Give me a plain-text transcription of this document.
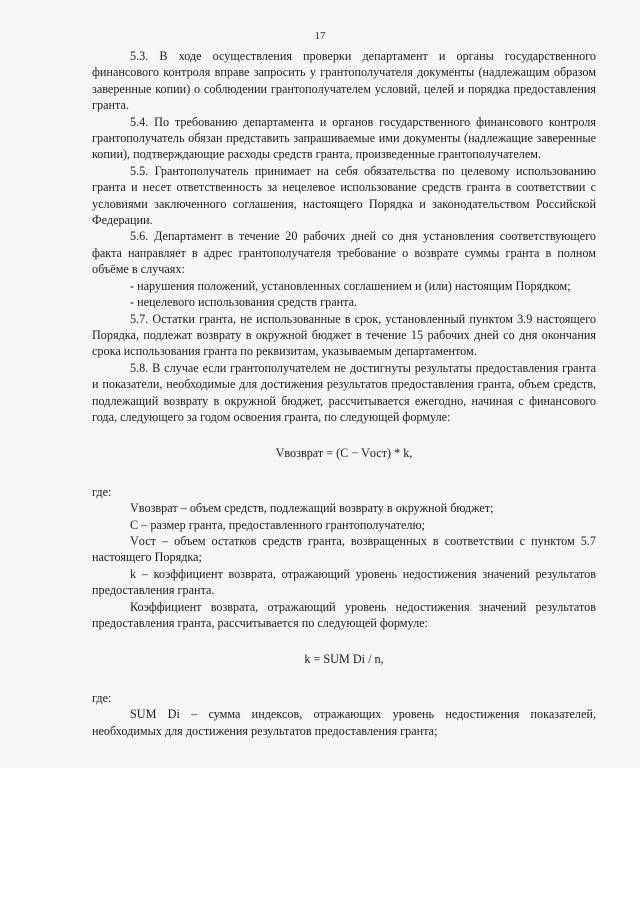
17

5.3. В ходе осуществления проверки департамент и органы государственного финансового контроля вправе запросить у грантополучателя документы (надлежащим образом заверенные копии) о соблюдении грантополучателем условий, целей и порядка предоставления гранта.

5.4. По требованию департамента и органов государственного финансового контроля грантополучатель обязан представить запрашиваемые ими документы (надлежащие заверенные копии), подтверждающие расходы средств гранта, произведенные грантополучателем.

5.5. Грантополучатель принимает на себя обязательства по целевому использованию гранта и несет ответственность за нецелевое использование средств гранта в соответствии с условиями заключенного соглашения, настоящего Порядка и законодательством Российской Федерации.

5.6. Департамент в течение 20 рабочих дней со дня установления соответствующего факта направляет в адрес грантополучателя требование о возврате суммы гранта в полном объёме в случаях:

- нарушения положений, установленных соглашением и (или) настоящим Порядком;

- нецелевого использования средств гранта.

5.7. Остатки гранта, не использованные в срок, установленный пунктом 3.9 настоящего Порядка, подлежат возврату в окружной бюджет в течение 15 рабочих дней со дня окончания срока использования гранта по реквизитам, указываемым департаментом.

5.8. В случае если грантополучателем не достигнуты результаты предоставления гранта и показатели, необходимые для достижения результатов предоставления гранта, объем средств, подлежащий возврату в окружной бюджет, рассчитывается ежегодно, начиная с финансового года, следующего за годом освоения гранта, по следующей формуле:

Vвозврат = (C − Vост) * k,

где:

Vвозврат – объем средств, подлежащий возврату в окружной бюджет;

C – размер гранта, предоставленного грантополучателю;

Vост – объем остатков средств гранта, возвращенных в соответствии с пунктом 5.7 настоящего Порядка;

k – коэффициент возврата, отражающий уровень недостижения значений результатов предоставления гранта.

Коэффициент возврата, отражающий уровень недостижения значений результатов предоставления гранта, рассчитывается по следующей формуле:

k = SUM Di / n,

где:

SUM Di – сумма индексов, отражающих уровень недостижения показателей, необходимых для достижения результатов предоставления гранта;
